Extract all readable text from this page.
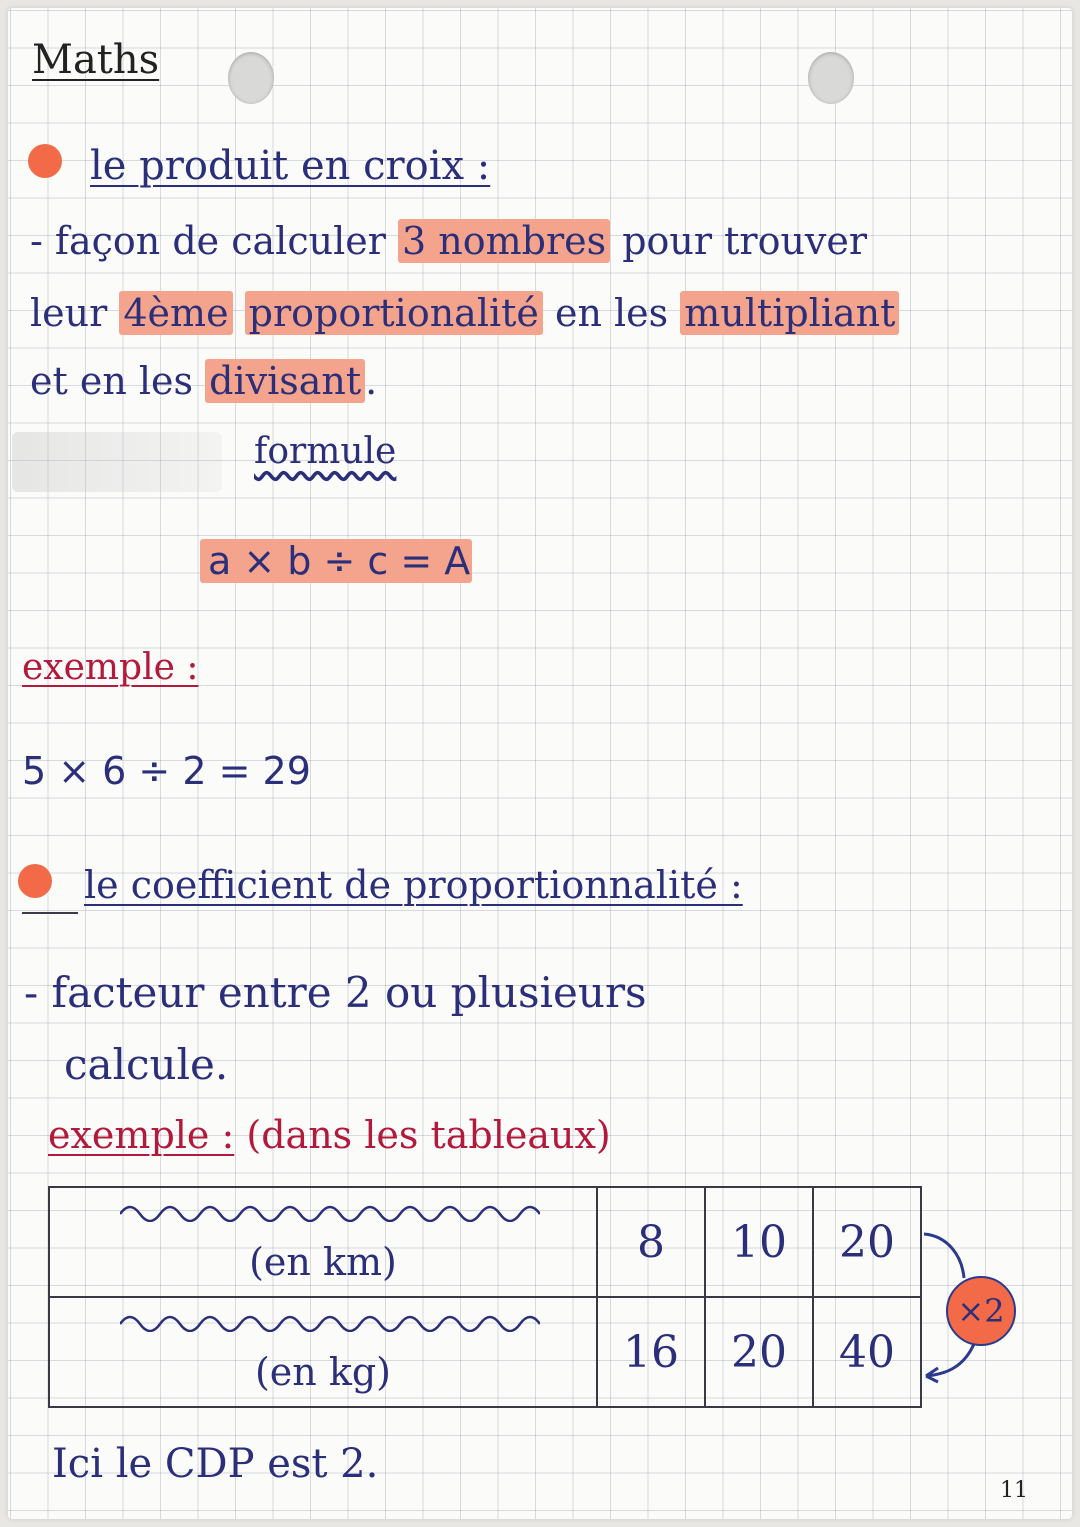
Maths
le produit en croix :
- façon de calculer 3 nombres pour trouver
leur 4ème proportionalité en les multipliant
et en les divisant .
formule
a × b ÷ c = A
exemple :
5 × 6 ÷ 2 = 29
le coefficient de proportionnalité :
- facteur entre 2 ou plusieurs
calcule.
exemple : (dans les tableaux)
(en km)	8	10	20

(en kg)	16	20	40
×2
Ici le CDP est 2.
11
